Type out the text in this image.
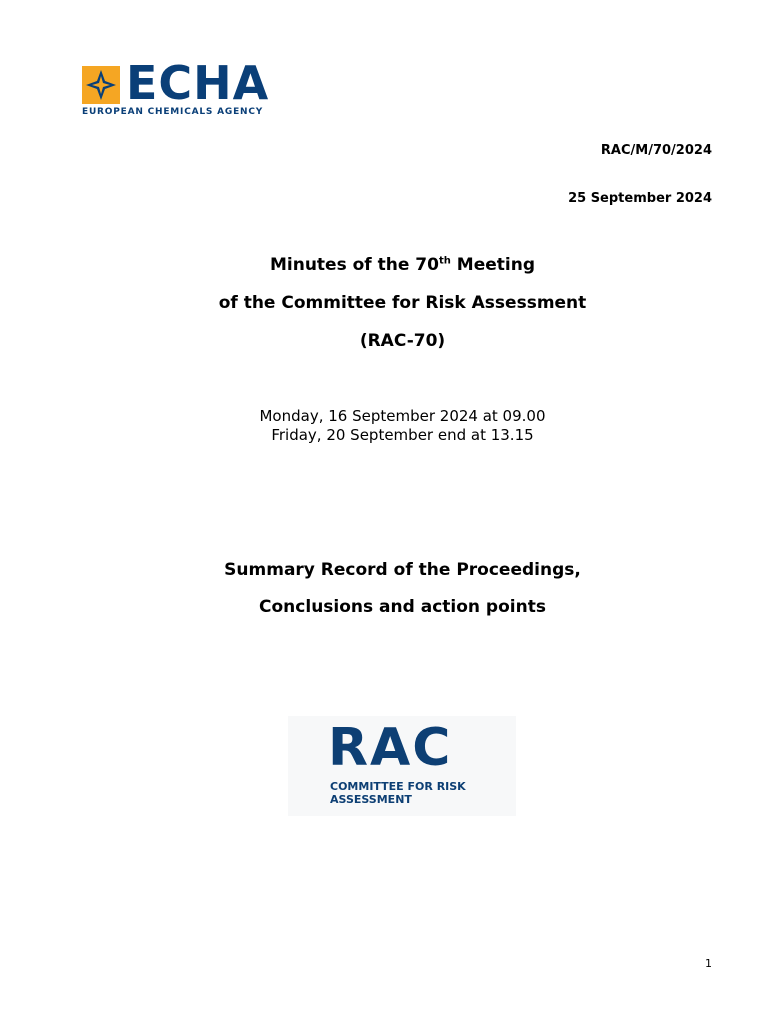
ECHA
EUROPEAN CHEMICALS AGENCY
RAC/M/70/2024
25 September 2024
Minutes of the 70th Meeting
of the Committee for Risk Assessment
(RAC-70)
Monday, 16 September 2024 at 09.00
Friday, 20 September end at 13.15
Summary Record of the Proceedings,
Conclusions and action points
RAC
COMMITTEE FOR RISK
ASSESSMENT
1
